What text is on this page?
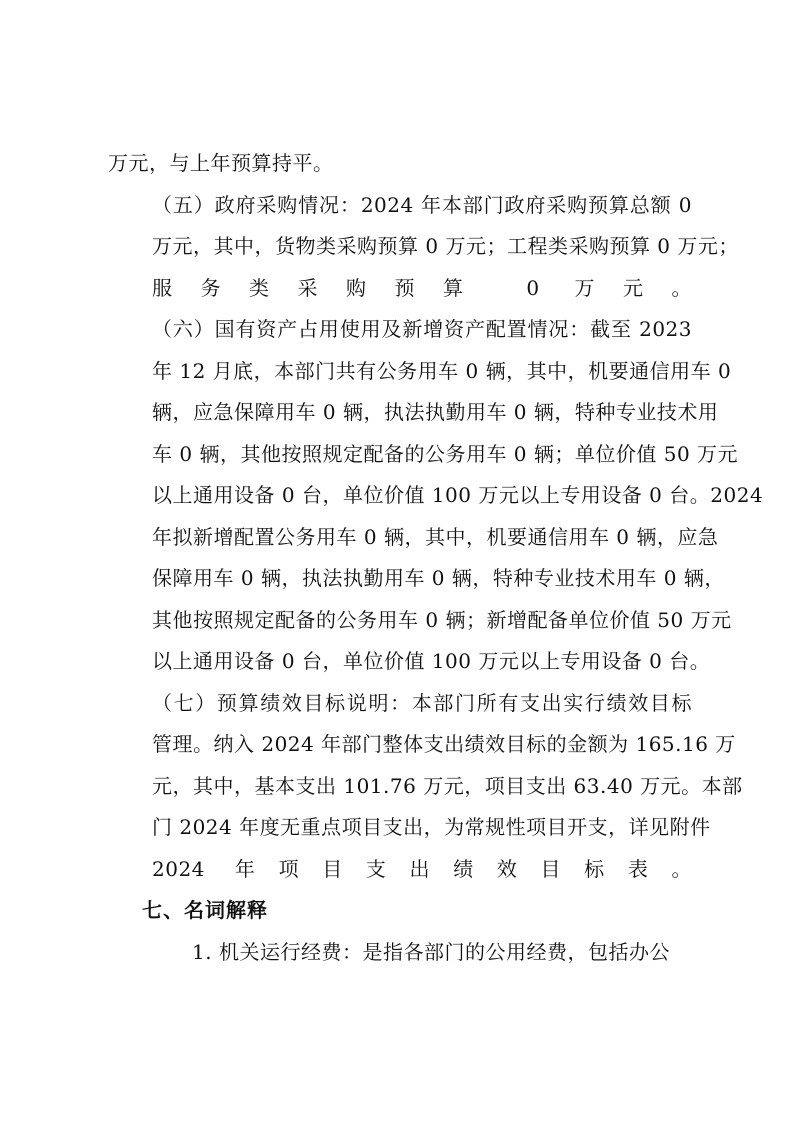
万元，与上年预算持平。

（五）政府采购情况：2024 年本部门政府采购预算总额 0
万元，其中，货物类采购预算 0 万元；工程类采购预算 0 万元；
服务类采购预算 0 万元。

（六）国有资产占用使用及新增资产配置情况：截至 2023
年 12 月底，本部门共有公务用车 0 辆，其中，机要通信用车 0
辆，应急保障用车 0 辆，执法执勤用车 0 辆，特种专业技术用
车 0 辆，其他按照规定配备的公务用车 0 辆；单位价值 50 万元
以上通用设备 0 台，单位价值 100 万元以上专用设备 0 台。2024
年拟新增配置公务用车 0 辆，其中，机要通信用车 0 辆，应急
保障用车 0 辆，执法执勤用车 0 辆，特种专业技术用车 0 辆，
其他按照规定配备的公务用车 0 辆；新增配备单位价值 50 万元
以上通用设备 0 台，单位价值 100 万元以上专用设备 0 台。

（七）预算绩效目标说明：本部门所有支出实行绩效目标
管理。纳入 2024 年部门整体支出绩效目标的金额为 165.16 万
元，其中，基本支出 101.76 万元，项目支出 63.40 万元。本部
门 2024 年度无重点项目支出，为常规性项目开支，详见附件
2024 年项目支出绩效目标表。

七、名词解释

1. 机关运行经费：是指各部门的公用经费，包括办公
